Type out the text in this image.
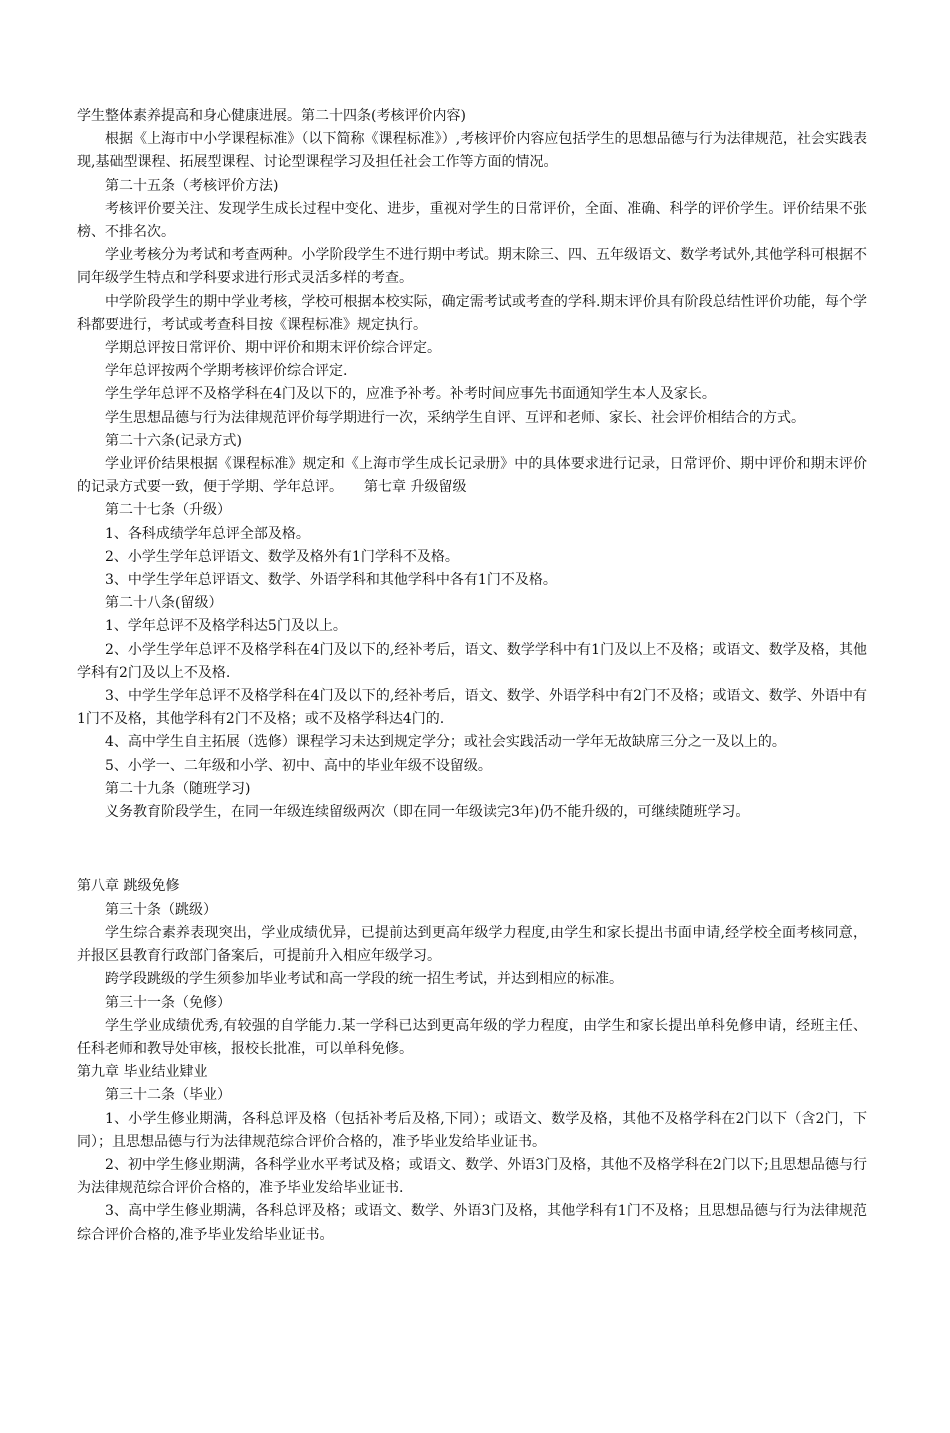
学生整体素养提高和身心健康进展。第二十四条(考核评价内容)

根据《上海市中小学课程标准》（以下简称《课程标准》）,考核评价内容应包括学生的思想品德与行为法律规范，社会实践表现,基础型课程、拓展型课程、讨论型课程学习及担任社会工作等方面的情况。

第二十五条（考核评价方法)

考核评价要关注、发现学生成长过程中变化、进步，重视对学生的日常评价，全面、准确、科学的评价学生。评价结果不张榜、不排名次。

学业考核分为考试和考查两种。小学阶段学生不进行期中考试。期末除三、四、五年级语文、数学考试外,其他学科可根据不同年级学生特点和学科要求进行形式灵活多样的考查。

中学阶段学生的期中学业考核，学校可根据本校实际，确定需考试或考查的学科.期末评价具有阶段总结性评价功能，每个学科都要进行，考试或考查科目按《课程标准》规定执行。

学期总评按日常评价、期中评价和期末评价综合评定。

学年总评按两个学期考核评价综合评定.

学生学年总评不及格学科在4门及以下的，应准予补考。补考时间应事先书面通知学生本人及家长。

学生思想品德与行为法律规范评价每学期进行一次，采纳学生自评、互评和老师、家长、社会评价相结合的方式。

第二十六条(记录方式)

学业评价结果根据《课程标准》规定和《上海市学生成长记录册》中的具体要求进行记录，日常评价、期中评价和期末评价的记录方式要一致，便于学期、学年总评。　　第七章 升级留级

第二十七条（升级）

1、各科成绩学年总评全部及格。

2、小学生学年总评语文、数学及格外有1门学科不及格。

3、中学生学年总评语文、数学、外语学科和其他学科中各有1门不及格。

第二十八条(留级）

1、学年总评不及格学科达5门及以上。

2、小学生学年总评不及格学科在4门及以下的,经补考后，语文、数学学科中有1门及以上不及格；或语文、数学及格，其他学科有2门及以上不及格.

3、中学生学年总评不及格学科在4门及以下的,经补考后，语文、数学、外语学科中有2门不及格；或语文、数学、外语中有1门不及格，其他学科有2门不及格；或不及格学科达4门的.

4、高中学生自主拓展（选修）课程学习未达到规定学分；或社会实践活动一学年无故缺席三分之一及以上的。

5、小学一、二年级和小学、初中、高中的毕业年级不设留级。

第二十九条（随班学习)

义务教育阶段学生，在同一年级连续留级两次（即在同一年级读完3年)仍不能升级的，可继续随班学习。

第八章 跳级免修

第三十条（跳级）

学生综合素养表现突出，学业成绩优异，已提前达到更高年级学力程度,由学生和家长提出书面申请,经学校全面考核同意，并报区县教育行政部门备案后，可提前升入相应年级学习。

跨学段跳级的学生须参加毕业考试和高一学段的统一招生考试，并达到相应的标准。

第三十一条（免修）

学生学业成绩优秀,有较强的自学能力.某一学科已达到更高年级的学力程度，由学生和家长提出单科免修申请，经班主任、任科老师和教导处审核，报校长批准，可以单科免修。

第九章 毕业结业肄业

第三十二条（毕业）

1、小学生修业期满，各科总评及格（包括补考后及格,下同）；或语文、数学及格，其他不及格学科在2门以下（含2门，下同）；且思想品德与行为法律规范综合评价合格的，准予毕业发给毕业证书。

2、初中学生修业期满，各科学业水平考试及格；或语文、数学、外语3门及格，其他不及格学科在2门以下;且思想品德与行为法律规范综合评价合格的，准予毕业发给毕业证书.

3、高中学生修业期满，各科总评及格；或语文、数学、外语3门及格，其他学科有1门不及格；且思想品德与行为法律规范综合评价合格的,准予毕业发给毕业证书。
